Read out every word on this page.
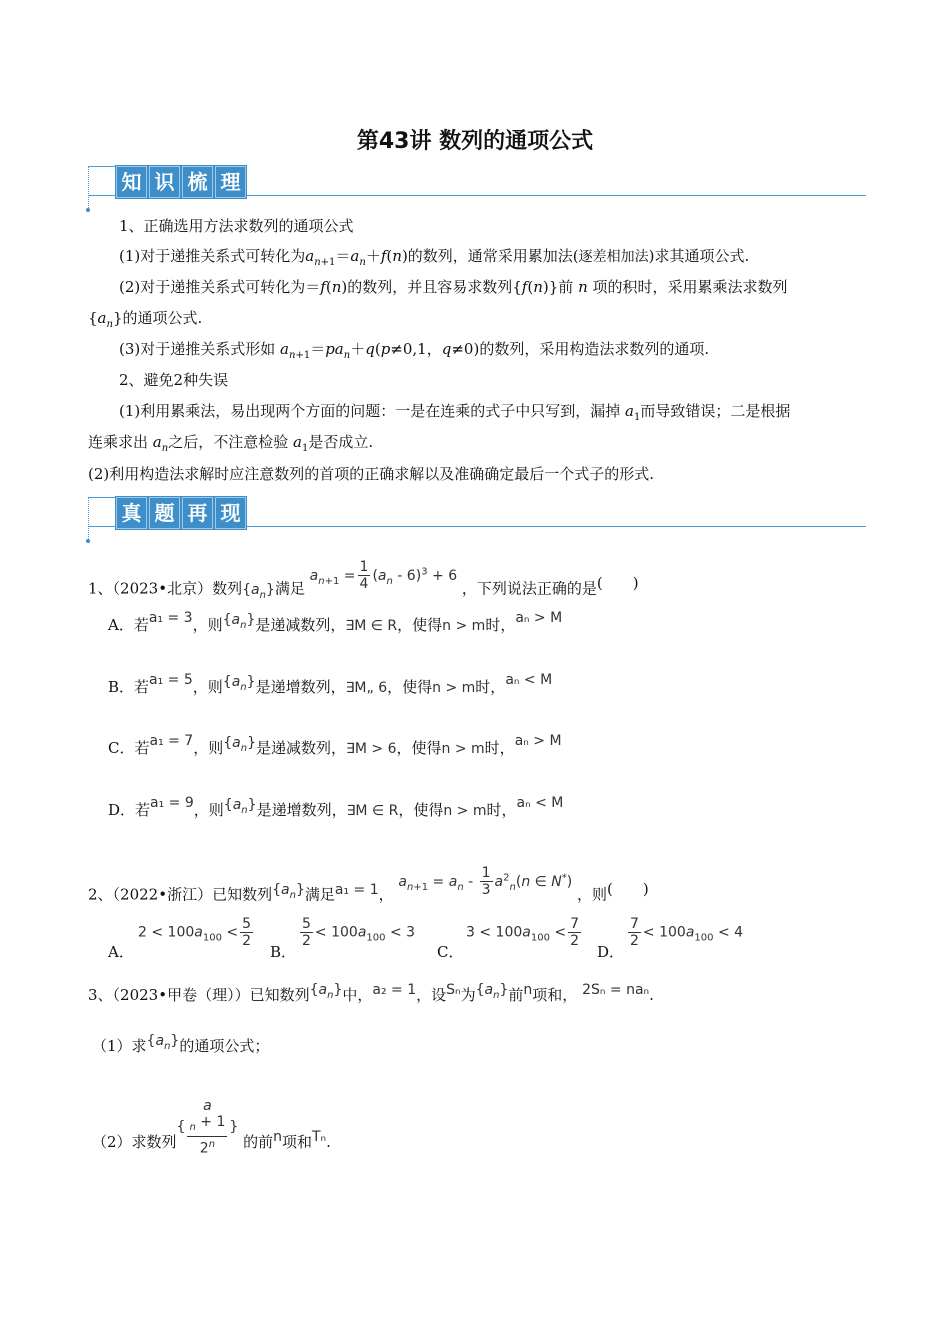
第43讲 数列的通项公式
知 识 梳 理
1、正确选用方法求数列的通项公式
(1)对于递推关系式可转化为$a_{n+1}=a_n+f(n)$的数列，通常采用累加法(逐差相加法)求其通项公式.
(2)对于递推关系式可转化为＝f(n)的数列，并且容易求数列{f(n)}前 n 项的积时，采用累乘法求数列
$\{a_n\}$的通项公式.
(3)对于递推关系式形如 $a_{n+1}=pa_n+q(p\ne 0,1$，q≠0)的数列，采用构造法求数列的通项.
2、避免2种失误
(1)利用累乘法，易出现两个方面的问题：一是在连乘的式子中只写到，漏掉 $a_1$而导致错误；二是根据
连乘求出 $a_n$之后，不注意检验 $a_1$是否成立.
(2)利用构造法求解时应注意数列的首项的正确求解以及准确确定最后一个式子的形式.
真 题 再 现
1、（2023•北京）数列$\{a_n\}$满足 $a_{n+1} = \frac{1}{4} (a_n - 6)^3 + 6$ ，下列说法正确的是(　　)
A．若a₁ = 3，则$\{a_n\}$是递减数列，∃M ∈ R，使得n > m时，aₙ > M
B．若a₁ = 5，则$\{a_n\}$是递增数列，∃M„ 6，使得n > m时，aₙ < M
C．若a₁ = 7，则$\{a_n\}$是递减数列，∃M > 6，使得n > m时，aₙ > M
D．若a₁ = 9，则$\{a_n\}$是递增数列，∃M ∈ R，使得n > m时，aₙ < M
2、（2022•浙江）已知数列$\{a_n\}$满足a₁ = 1， $a_{n+1} = a_n - \frac{1}{3} a^2_n(n$ ∈ N*) ，则(　　)
A．
$2 < 100a_{100} < \frac{5}{2}$
B．
$\frac{5}{2} < 100a_{100} < 3$
C．
$3 < 100a_{100} < \frac{7}{2}$
D．
$\frac{7}{2} < 100a_{100} < 4$
3、（2023•甲卷（理））已知数列$\{a_n\}$中，a₂ = 1，设Sₙ为$\{a_n\}$前n项和， 2Sₙ = naₙ.
（1）求$\{a_n\}$的通项公式；
（2）求数列{ a
$_n$ + 1
2$^n$ } 的前n项和Tₙ.
